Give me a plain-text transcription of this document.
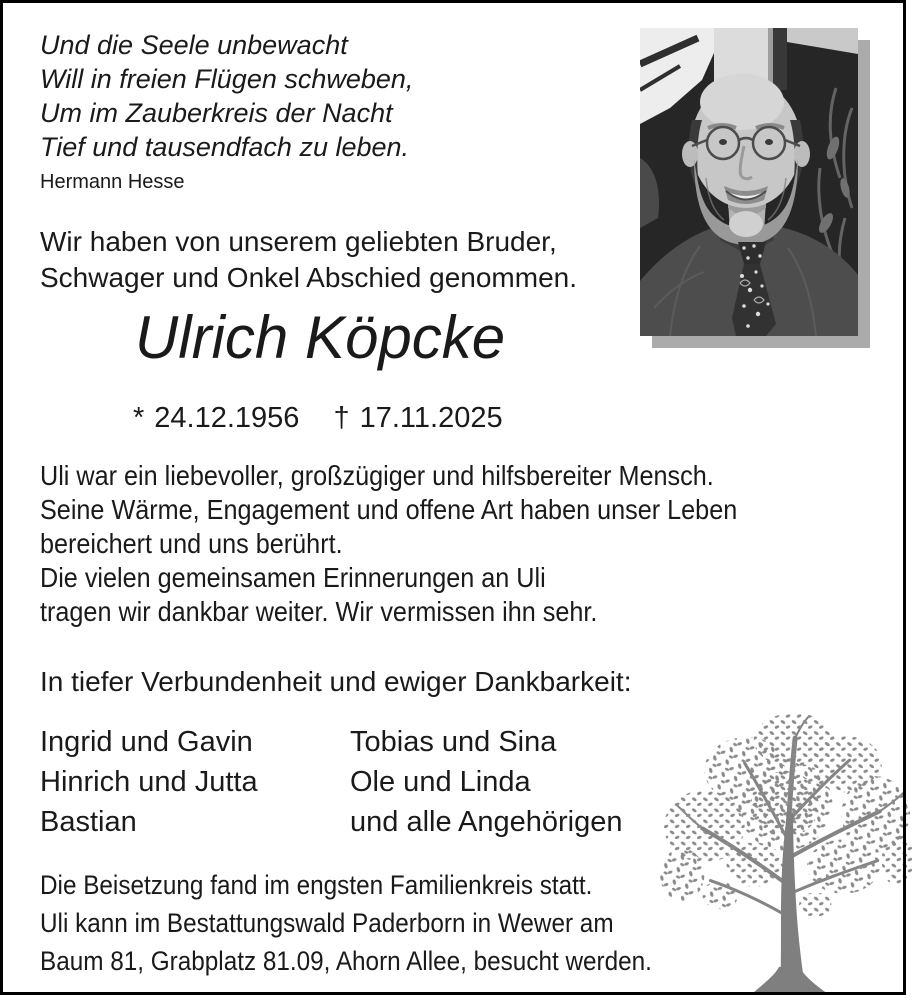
Und die Seele unbewacht
Will in freien Flügen schweben,
Um im Zauberkreis der Nacht
Tief und tausendfach zu leben.
Hermann Hesse
Wir haben von unserem geliebten Bruder,
Schwager und Onkel Abschied genommen.
Ulrich Köpcke
* 24.12.1956 † 17.11.2025
Uli war ein liebevoller, großzügiger und hilfsbereiter Mensch.
Seine Wärme, Engagement und offene Art haben unser Leben
bereichert und uns berührt.
Die vielen gemeinsamen Erinnerungen an Uli
tragen wir dankbar weiter. Wir vermissen ihn sehr.
In tiefer Verbundenheit und ewiger Dankbarkeit:
Ingrid und Gavin
Hinrich und Jutta
Bastian
Tobias und Sina
Ole und Linda
und alle Angehörigen
Die Beisetzung fand im engsten Familienkreis statt.
Uli kann im Bestattungswald Paderborn in Wewer am
Baum 81, Grabplatz 81.09, Ahorn Allee, besucht werden.
